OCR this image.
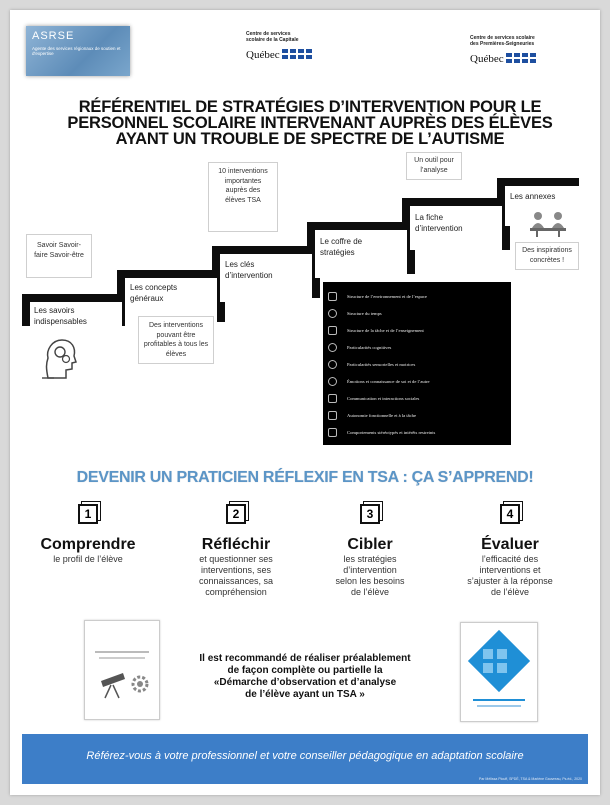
ASRSE
Agente des services régionaux de soutien et d'expertise
Centre de services scolaire de la Capitale
Québec
Centre de services scolaire des Premières-Seigneuries
Québec
RÉFÉRENTIEL DE STRATÉGIES D’INTERVENTION POUR LE
PERSONNEL SCOLAIRE INTERVENANT AUPRÈS DES ÉLÈVES
AYANT UN TROUBLE DE SPECTRE DE L’AUTISME
Les savoirs indispensables
Les concepts généraux
Les clés d’intervention
Le coffre de stratégies
La fiche d’intervention
Les annexes
Savoir Savoir-faire Savoir-être
Des interventions pouvant être profitables à tous les élèves
10 interventions importantes auprès des élèves TSA
Un outil pour l’analyse
Des inspirations concrètes !
Structure de l’environnement et de l’espace
Structure du temps
Structure de la tâche et de l’enseignement
Particularités cognitives
Particularités sensorielles et motrices
Émotions et connaissance de soi et de l’autre
Communication et interactions sociales
Autonomie fonctionnelle et à la tâche
Comportements stéréotypés et intérêts restreints
DEVENIR UN PRATICIEN RÉFLEXIF EN TSA : ÇA S’APPREND!
1
Comprendre
le profil de l’élève
2
Réfléchir
et questionner ses interventions, ses connaissances, sa compréhension
3
Cibler
les stratégies d’intervention selon les besoins de l’élève
4
Évaluer
l’efficacité des interventions et s’ajuster à la réponse de l’élève
Il est recommandé de réaliser préalablement
de façon complète ou partielle la
«Démarche d’observation et d’analyse
de l’élève ayant un TSA »
Référez-vous à votre professionnel et votre conseiller pédagogique en adaptation scolaire
Par Mélissa Plouff, SPDÉ, TSA & Marlène Gauvreau, Ps.éd., 2020
